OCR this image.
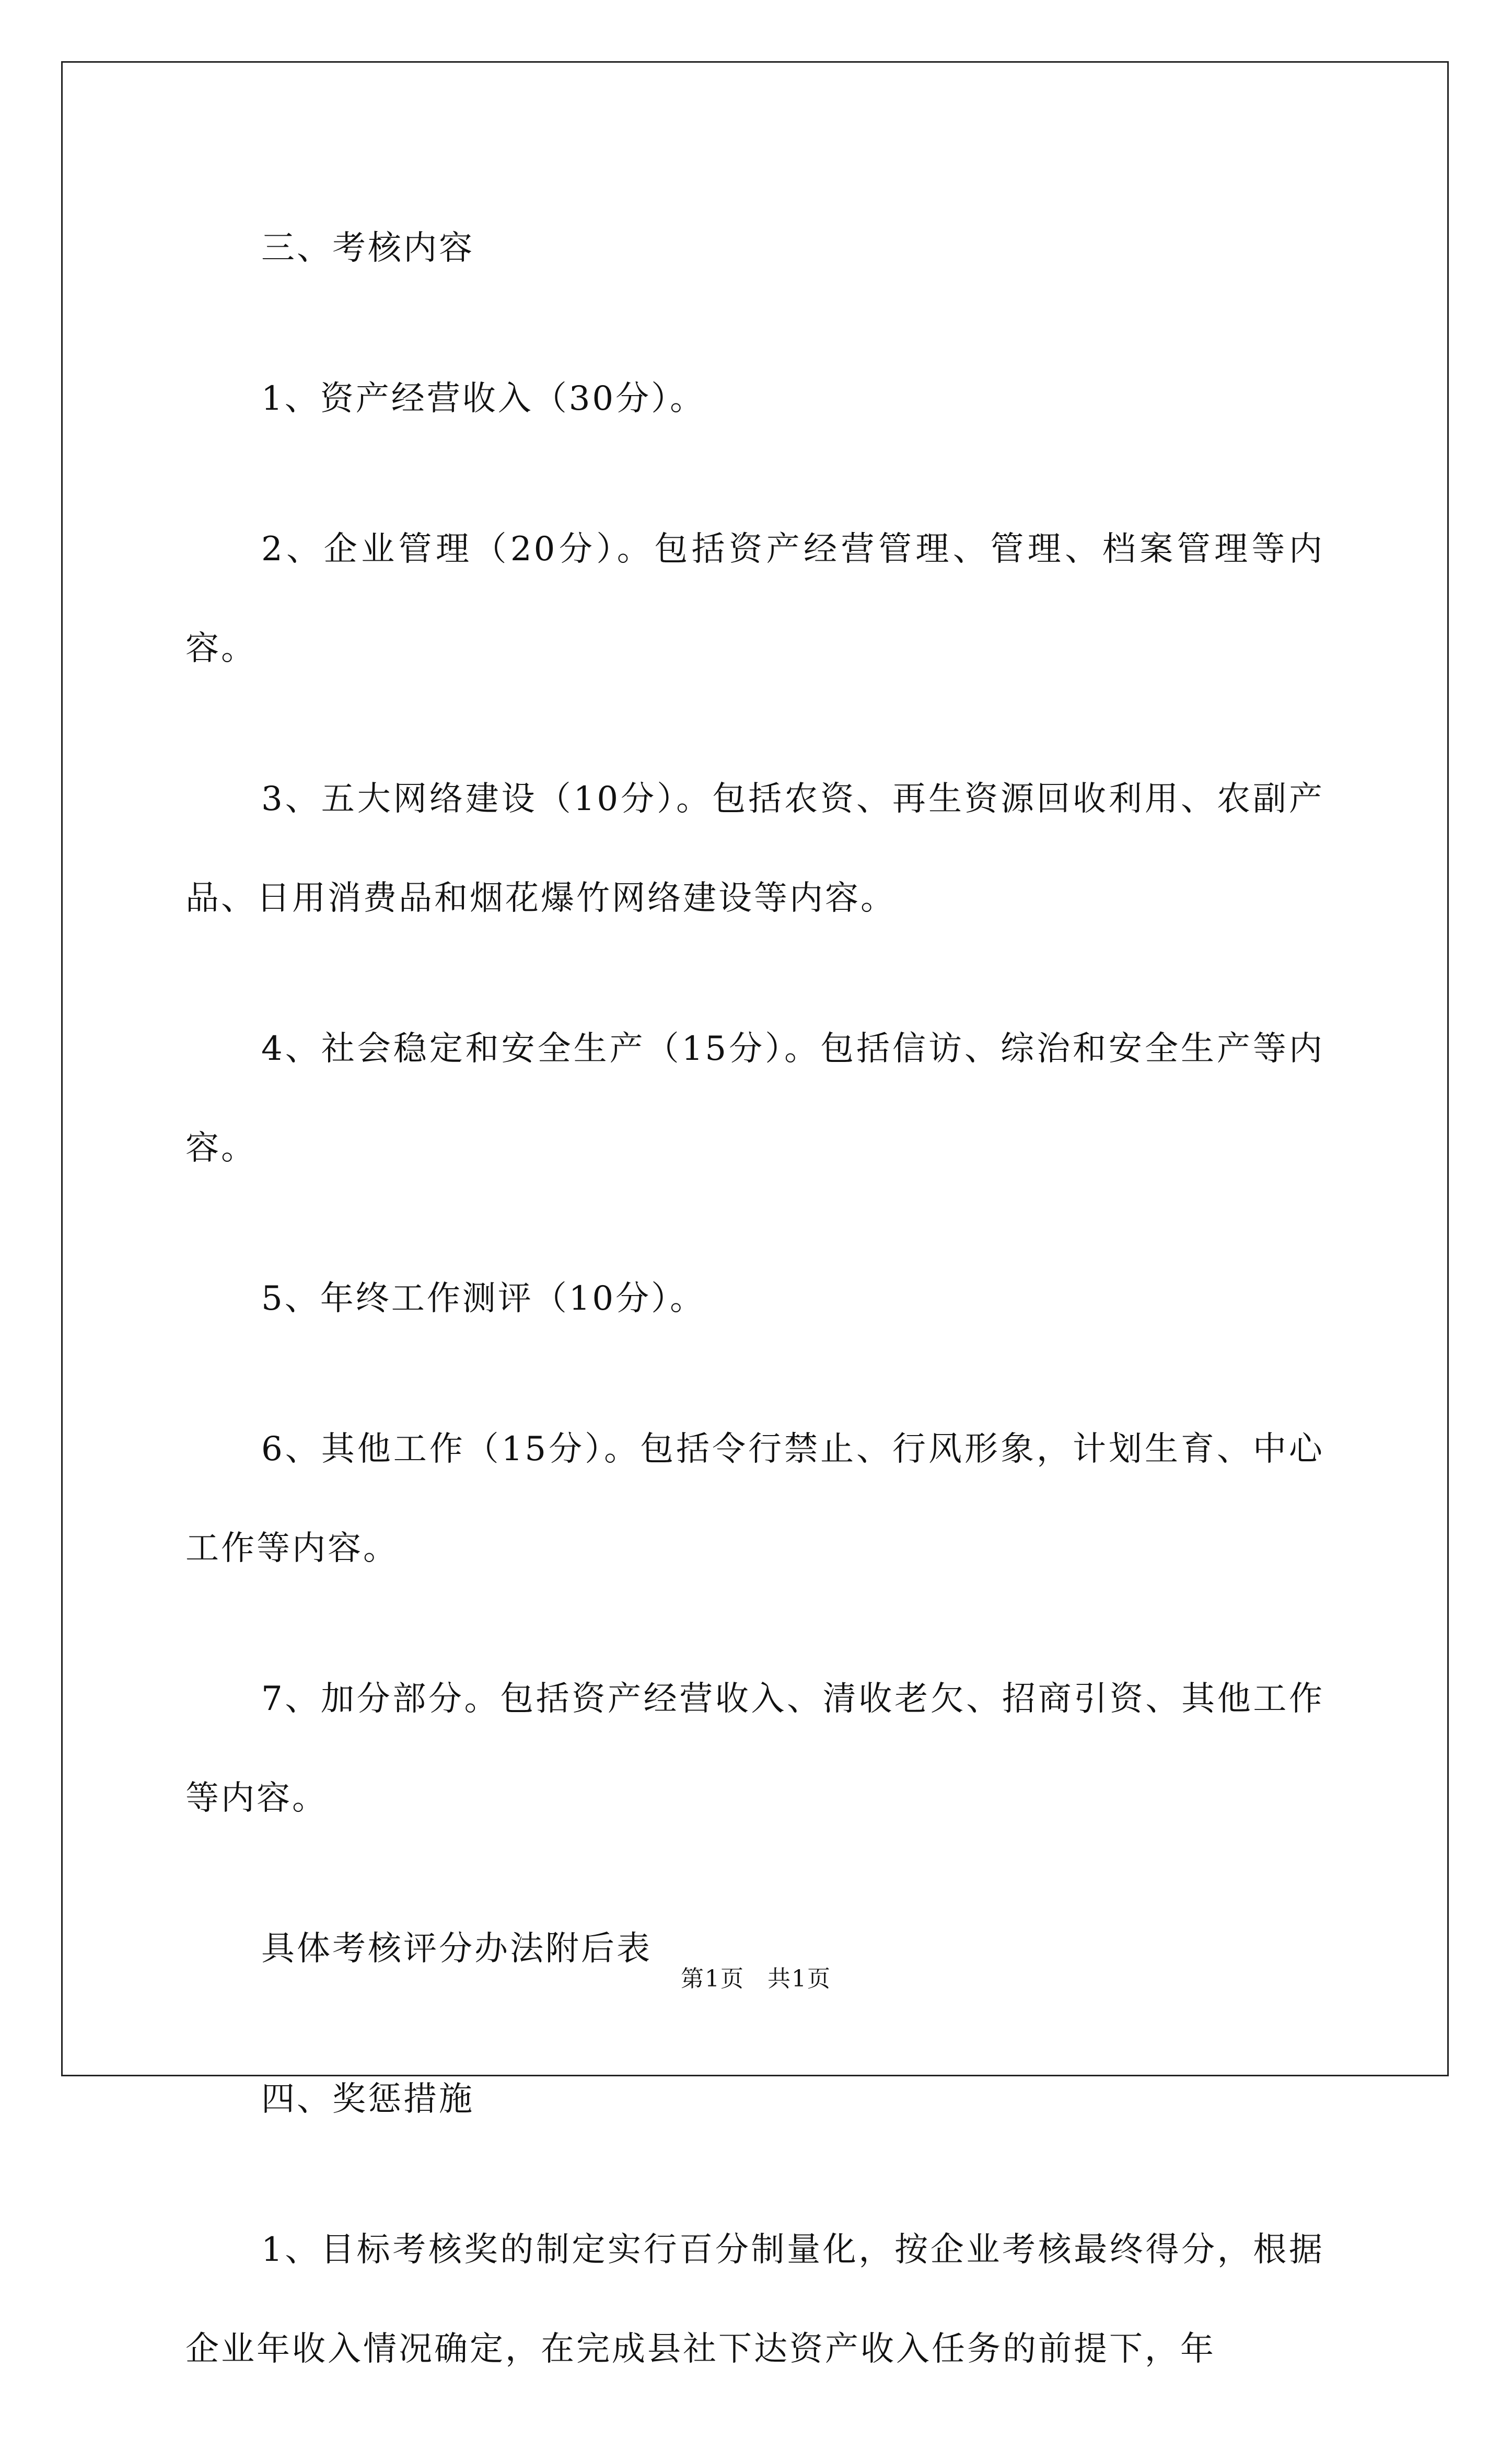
三、考核内容

1、资产经营收入（30分）。

2、企业管理（20分）。包括资产经营管理、管理、档案管理等内容。

3、五大网络建设（10分）。包括农资、再生资源回收利用、农副产品、日用消费品和烟花爆竹网络建设等内容。

4、社会稳定和安全生产（15分）。包括信访、综治和安全生产等内容。

5、年终工作测评（10分）。

6、其他工作（15分）。包括令行禁止、行风形象，计划生育、中心工作等内容。

7、加分部分。包括资产经营收入、清收老欠、招商引资、其他工作等内容。

具体考核评分办法附后表

四、奖惩措施

1、目标考核奖的制定实行百分制量化，按企业考核最终得分，根据企业年收入情况确定，在完成县社下达资产收入任务的前提下，年

第1页 共1页
